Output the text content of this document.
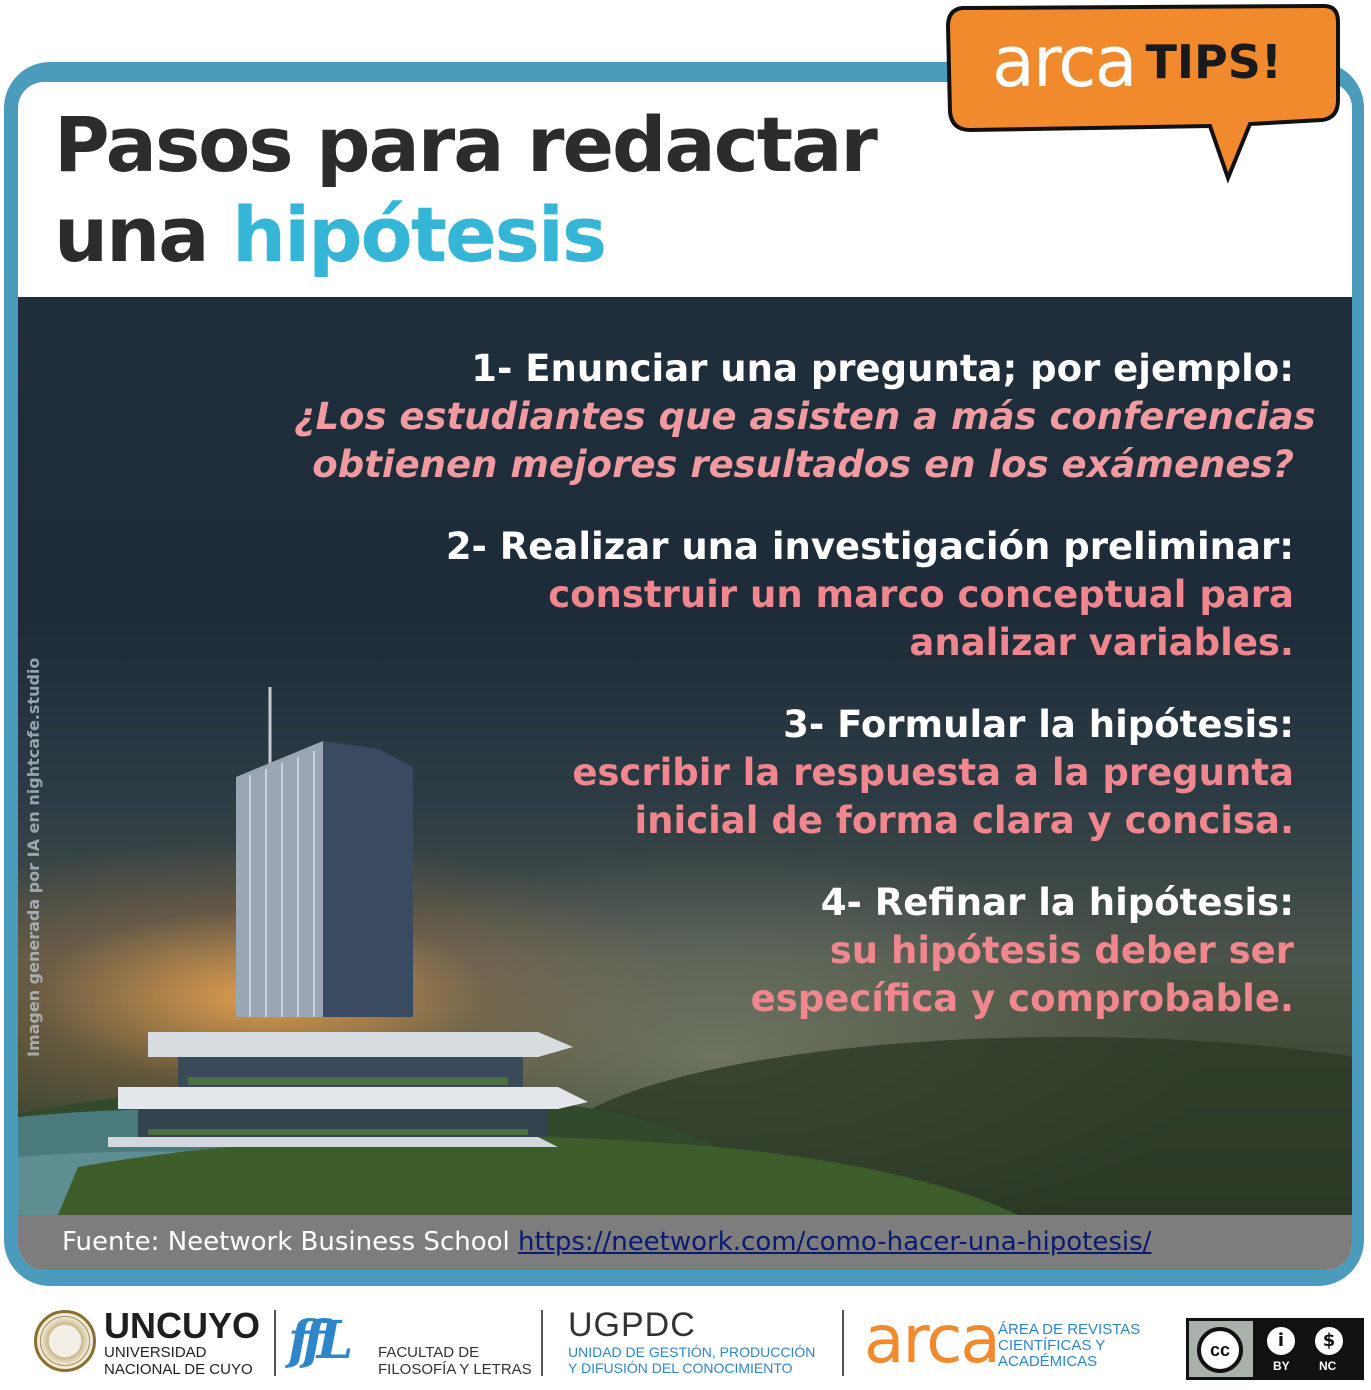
Pasos para redactar
una hipótesis
Imagen generada por IA en nightcafe.studio
1- Enunciar una pregunta; por ejemplo:
¿Los estudiantes que asisten a más conferencias
obtienen mejores resultados en los exámenes?
2- Realizar una investigación preliminar:
construir un marco conceptual para
analizar variables.
3- Formular la hipótesis:
escribir la respuesta a la pregunta
inicial de forma clara y concisa.
4- Refinar la hipótesis:
su hipótesis deber ser
específica y comprobable.
Fuente: Neetwork Business School https://neetwork.com/como-hacer-una-hipotesis/
arca TIPS!
UNCUYO
UNIVERSIDAD
NACIONAL DE CUYO ffL FACULTAD DE
FILOSOFÍA Y LETRAS
UGPDC
UNIDAD DE GESTIÓN, PRODUCCIÓN
Y DIFUSIÓN DEL CONOCIMIENTO	arca ÁREA DE REVISTAS
CIENTÍFICAS Y
ACADÉMICAS
cc	i	$
BY NC
